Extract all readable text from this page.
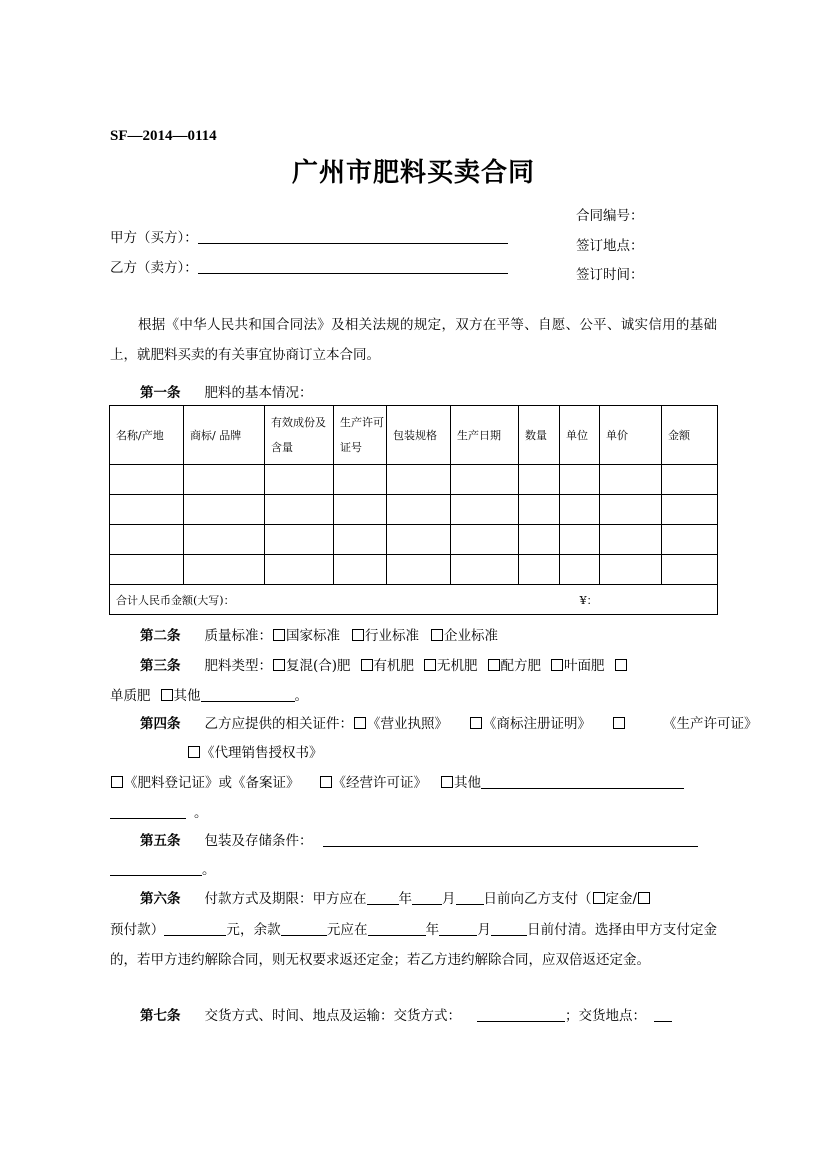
SF—2014—0114
广州市肥料买卖合同
合同编号：
签订地点：
签订时间：
甲方（买方）：
乙方（卖方）：
根据《中华人民共和国合同法》及相关法规的规定，双方在平等、自愿、公平、诚实信用的基础上，就肥料买卖的有关事宜协商订立本合同。
第一条 肥料的基本情况：
名称/产地	商标/ 品牌	有效成份及含量	生产许可证号	包装规格	生产日期	数量	单位	单价	金额

合计人民币金额(大写)： ¥：									
第二条 质量标准： 国家标准 行业标准 企业标准
第三条 肥料类型： 复混(合)肥 有机肥 无机肥 配方肥 叶面肥
单质肥 其他	。
第四条 乙方应提供的相关证件： 《营业执照》	《商标注册证明》	《生产许可证》
《代理销售授权书》
《肥料登记证》或《备案证》 《经营许可证》 其他
。
第五条 包装及存储条件：
。
第六条 付款方式及期限：甲方应在 年 月 日前向乙方支付（ 定金/
预付款）	元，余款	元应在	年	月	日前付清。选择由甲方支付定金的，若甲方违约解除合同，则无权要求返还定金；若乙方违约解除合同，应双倍返还定金。
第七条 交货方式、时间、地点及运输：交货方式：	；交货地点：
